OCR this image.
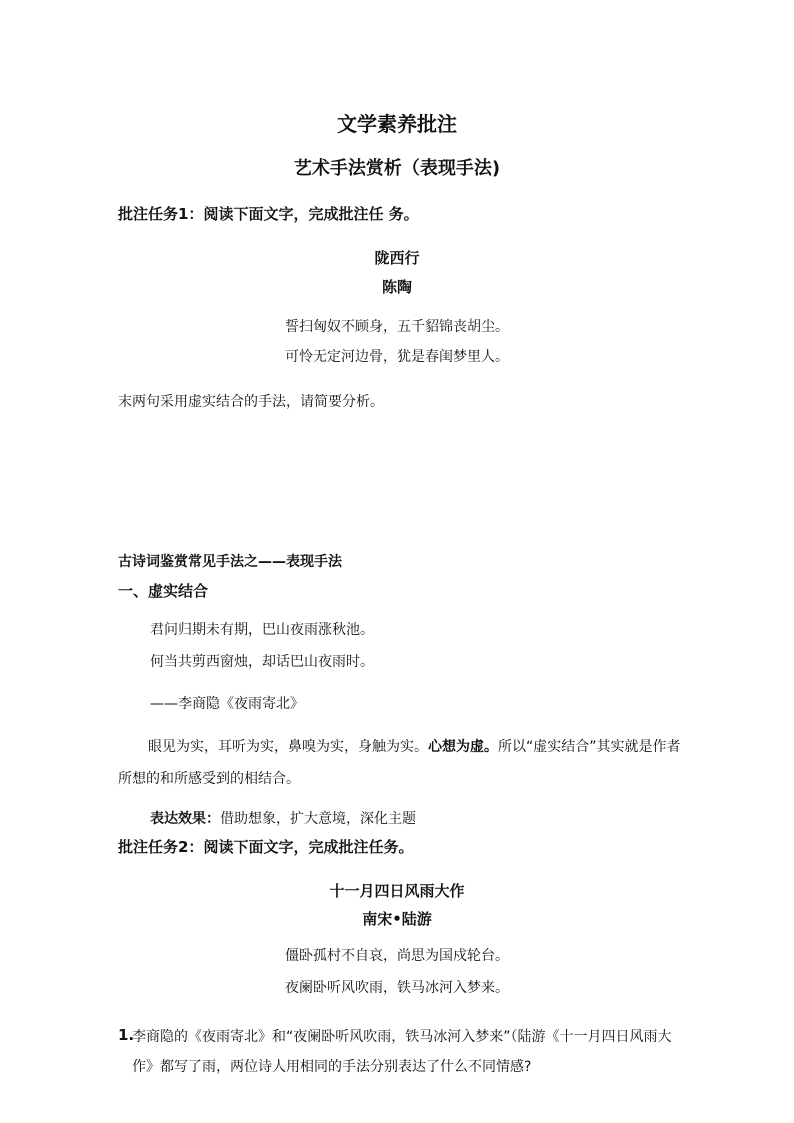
文学素养批注
艺术手法赏析（表现手法)
批注任务1：阅读下面文字，完成批注任 务。
陇西行
陈陶
誓扫匈奴不顾身，五千貂锦丧胡尘。
可怜无定河边骨，犹是春闺梦里人。
末两句采用虚实结合的手法，请简要分析。
古诗词鉴赏常见手法之——表现手法
一、虚实结合
君问归期未有期，巴山夜雨涨秋池。
何当共剪西窗烛，却话巴山夜雨时。
——李商隐《夜雨寄北》
眼见为实，耳听为实，鼻嗅为实，身触为实。心想为虚。所以“虚实结合”其实就是作者所想的和所感受到的相结合。
表达效果：借助想象，扩大意境，深化主题
批注任务2：阅读下面文字，完成批注任务。
十一月四日风雨大作
南宋•陆游
僵卧孤村不自哀，尚思为国戍轮台。
夜阑卧听风吹雨，铁马冰河入梦来。
1.
李商隐的《夜雨寄北》和“夜阑卧听风吹雨，铁马冰河入梦来”（陆游《十一月四日风雨大作》都写了雨，两位诗人用相同的手法分别表达了什么不同情感?
